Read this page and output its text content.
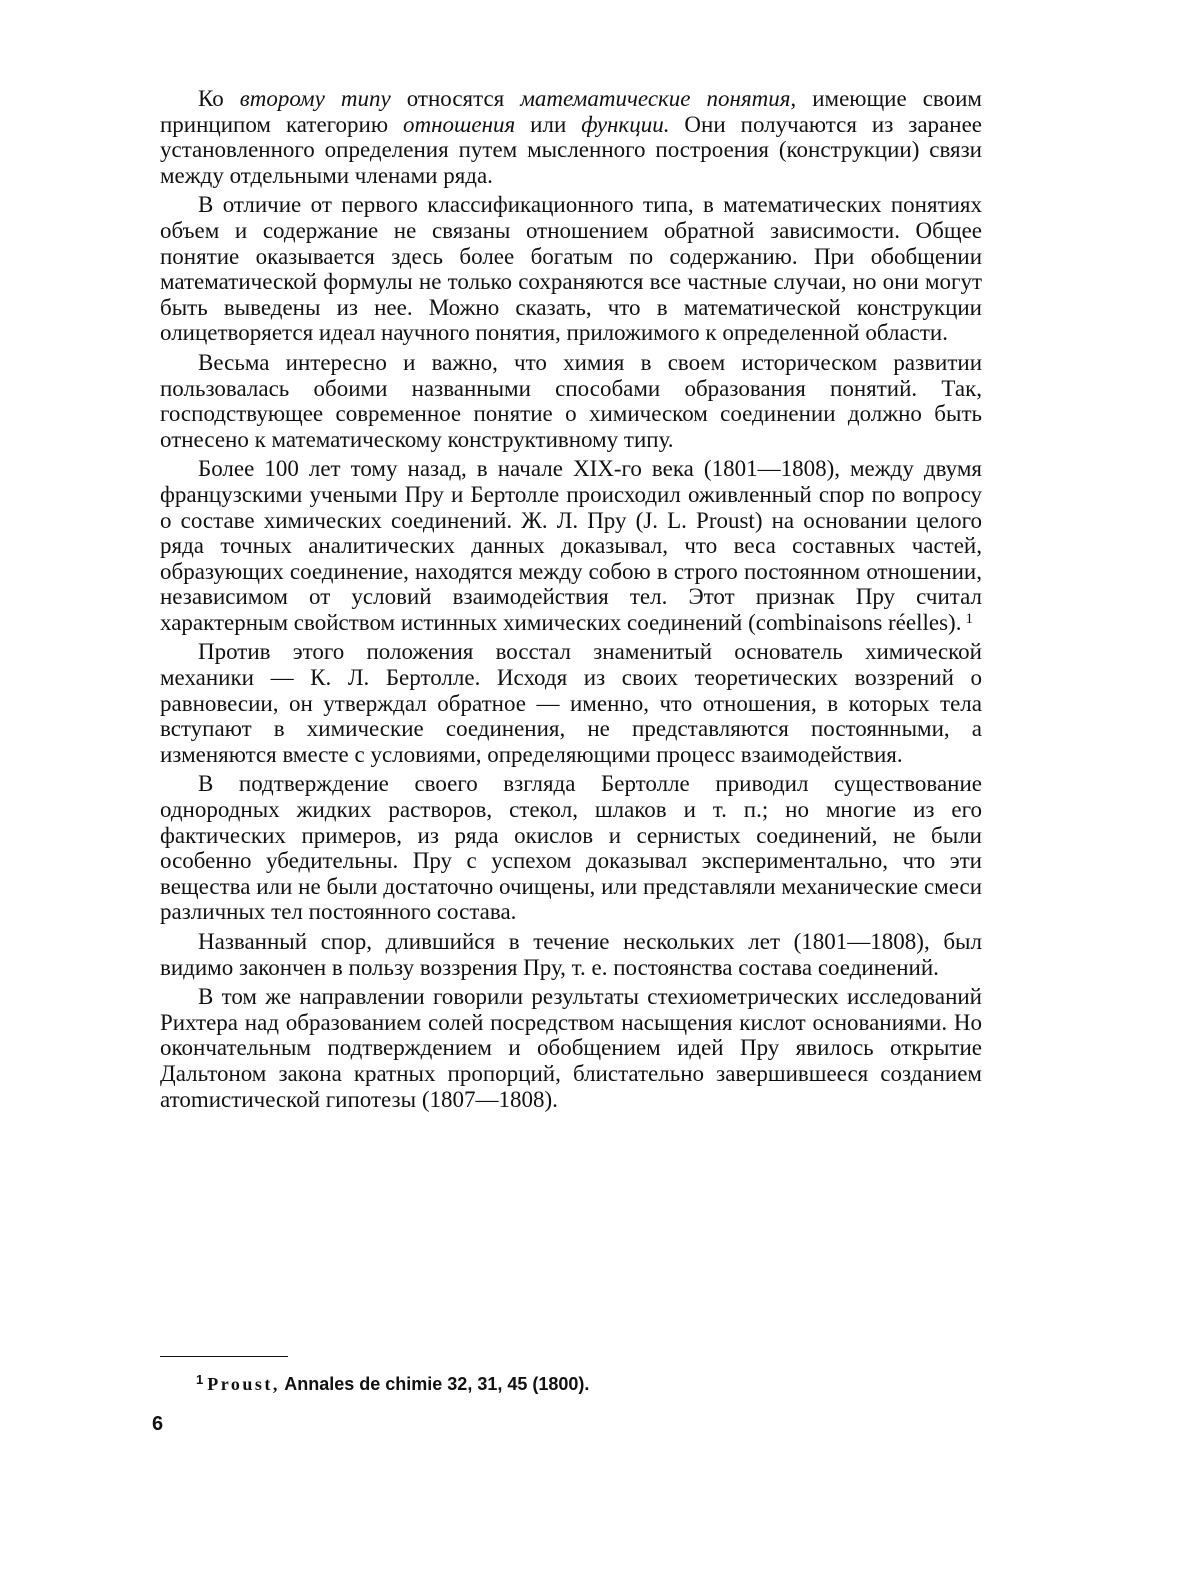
Ко второму типу относятся математические понятия, имеющие своим принципом категорию отношения или функции. Они получаются из заранее установленного определения путем мысленного построения (конструкции) связи между отдельными членами ряда.

В отличие от первого классификационного типа, в математических понятиях объем и содержание не связаны отношением обратной зависимости. Общее понятие оказывается здесь более богатым по содержанию. При обобщении математической формулы не только сохраняются все частные случаи, но они могут быть выведены из нее. Можно сказать, что в математической конструкции олицетворяется идеал научного понятия, приложимого к определенной области.

Весьма интересно и важно, что химия в своем историческом развитии пользовалась обоими названными способами образования понятий. Так, господствующее современное понятие о химическом соединении должно быть отнесено к математическому конструктивному типу.

Более 100 лет тому назад, в начале XIX-го века (1801—1808), между двумя французскими учеными Пру и Бертолле происходил оживленный спор по вопросу о составе химических соединений. Ж. Л. Пру (J. L. Proust) на основании целого ряда точных аналитических данных доказывал, что веса составных частей, образующих соединение, находятся между собою в строго постоянном отношении, независимом от условий взаимодействия тел. Этот признак Пру считал характерным свойством истинных химических соединений (combinaisons réelles). $^1$

Против этого положения восстал знаменитый основатель химической механики — К. Л. Бертолле. Исходя из своих теоретических воззрений о равновесии, он утверждал обратное — именно, что отношения, в которых тела вступают в химические соединения, не представляются постоянными, а изменяются вместе с условиями, определяющими процесс взаимодействия.

В подтверждение своего взгляда Бертолле приводил существование однородных жидких растворов, стекол, шлаков и т. п.; но многие из его фактических примеров, из ряда окислов и сернистых соединений, не были особенно убедительны. Пру с успехом доказывал экспериментально, что эти вещества или не были достаточно очищены, или представляли механические смеси различных тел постоянного состава.

Названный спор, длившийся в течение нескольких лет (1801—1808), был видимо закончен в пользу воззрения Пру, т. е. постоянства состава соединений.

В том же направлении говорили результаты стехиометрических исследований Рихтера над образованием солей посредством насыщения кислот основаниями. Но окончательным подтверждением и обобщением идей Пру явилось открытие Дальтоном закона кратных пропорций, блистательно завершившееся созданием атоmистической гипотезы (1807—1808).

$^1$ Proust, Annales de chimie 32, 31, 45 (1800).
6
